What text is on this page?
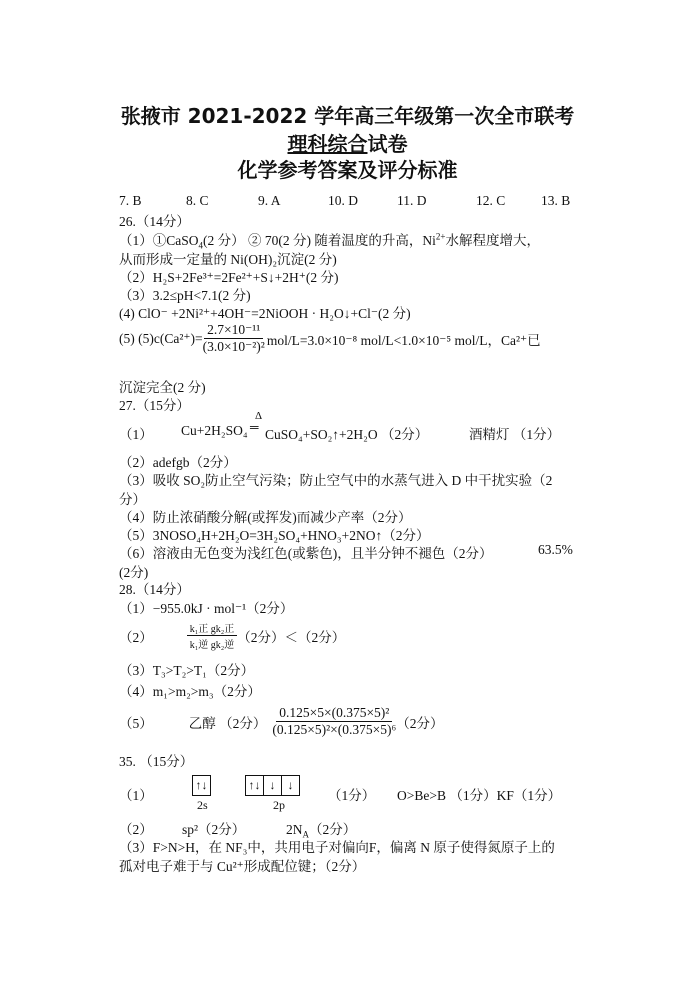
张掖市 2021-2022 学年高三年级第一次全市联考
理科综合试卷
化学参考答案及评分标准
7. B	8. C	9. A	10. D	11. D	12. C	13. B
26.（14分）
（1）①CaSO$_4$(2 分） ② 70(2 分) 随着温度的升高，$Ni^{2+}$水解程度增大，
从而形成一定量的 Ni(OH)₂沉淀(2 分)
（2）H₂S+2Fe³⁺=2Fe²⁺+S↓+2H⁺(2 分)
（3）3.2≤pH<7.1(2 分)
(4) ClO⁻ +2Ni²⁺+4OH⁻=2NiOOH · H₂O↓+Cl⁻(2 分)
(5) $(5)c(Ca^{2+})= \frac{\text{2.7×10⁻¹¹}}{\text{(3.0×10⁻²)²}} mol/L=3.0\times 10^{-8}$ mol/L<1.0×10⁻⁵ mol/L，Ca²⁺已
沉淀完全(2 分)
27.（15分）
（1） Cu+2H₂SO₄
Δ
═ CuSO₄+SO₂↑+2H₂O （2分）	酒精灯 （1分）
（2）adefgb（2分）
（3）吸收 SO₂防止空气污染；防止空气中的水蒸气进入 D 中干扰实验（2
分）
（4）防止浓硝酸分解(或挥发)而减少产率（2分）
（5）3NOSO₄H+2H₂O=3H₂SO₄+HNO₃+2NO↑（2分）
（6）溶液由无色变为浅红色(或紫色)，且半分钟不褪色（2分）	63.5%
(2分)
28.（14分）
（1）−955.0kJ · mol⁻¹（2分）
（2）	$\frac{\text{k₁正 gk₂正}}{\text{k₁逆 gk₂逆}} (2$分）＜（2分）
（3）T₃>T₂>T₁（2分）
（4）m₁>m₂>m₃（2分）
（5）	乙醇 （2分） $\frac{\text{0.125×5×(0.375×5)²}}{\text{(0.125×5)²×(0.375×5)⁶}} (2$分）
35. （15分）
（1）
↑↓
2s
↑↓ ↓	↓
2p
（1分） O>Be>B （1分）KF（1分）
（2） sp²（2分）	$2N_A(2$分）
（3）F>N>H，在 NF₃中，共用电子对偏向F，偏离 N 原子使得氮原子上的
孤对电子难于与 Cu²⁺形成配位键；（2分）
